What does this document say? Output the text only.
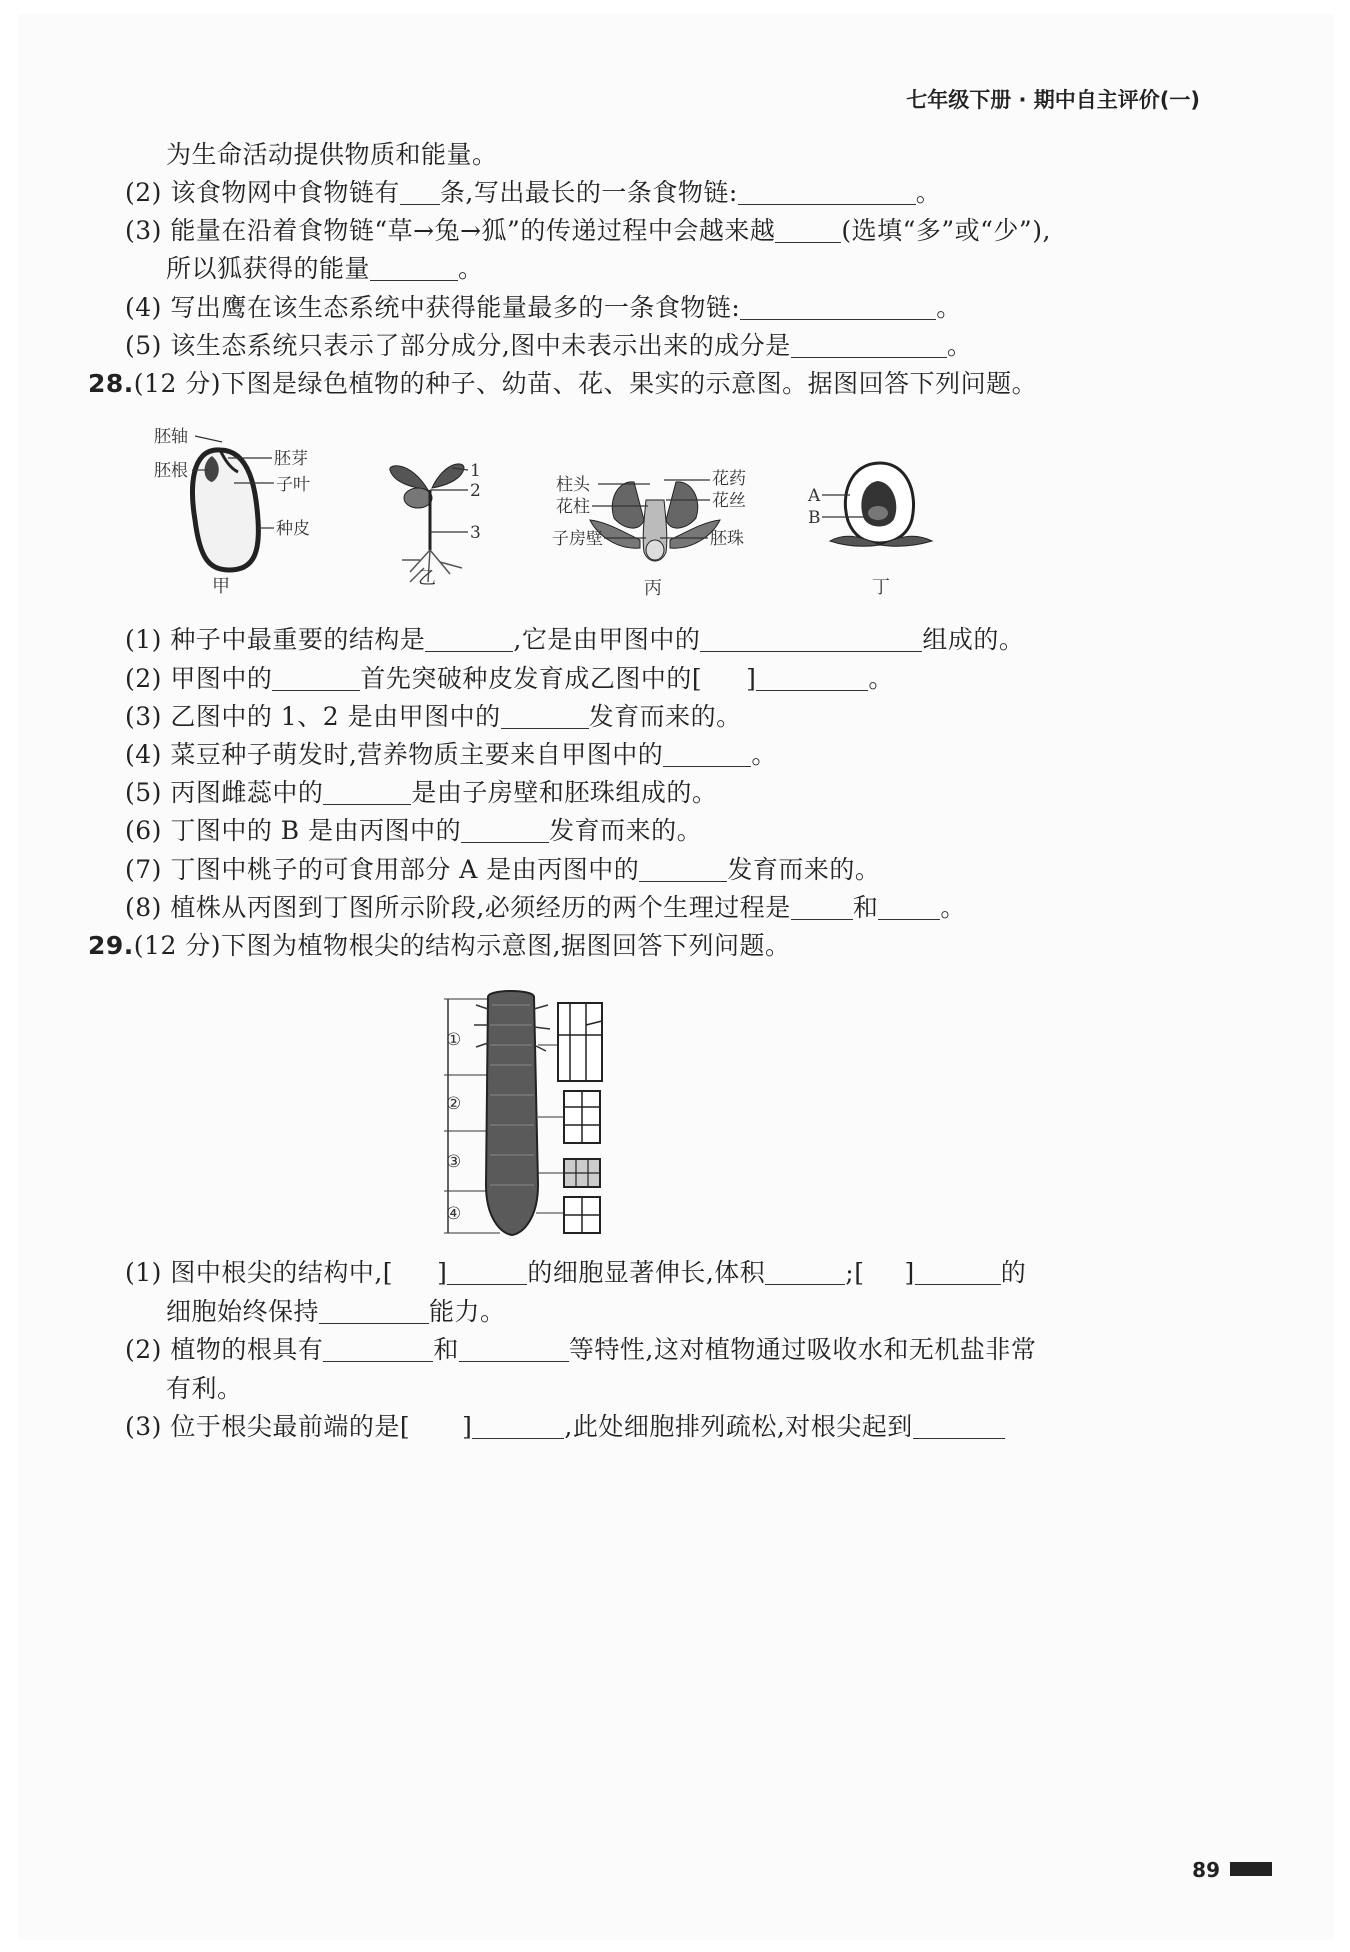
七年级下册 · 期中自主评价(一)
为生命活动提供物质和能量。
(2) 该食物网中食物链有 条,写出最长的一条食物链:	。
(3) 能量在沿着食物链“草→兔→狐”的传递过程中会越来越	(选填“多”或“少”),
所以狐获得的能量	。
(4) 写出鹰在该生态系统中获得能量最多的一条食物链:	。
(5) 该生态系统只表示了部分成分,图中未表示出来的成分是	。
28.(12 分)下图是绿色植物的种子、幼苗、花、果实的示意图。据图回答下列问题。
胚轴
胚根
胚芽
子叶
种皮
甲
1
2
3
乙
柱头
花柱
子房壁
花药
花丝
胚珠
丙
A
B
丁
(1) 种子中最重要的结构是	,它是由甲图中的	组成的。
(2) 甲图中的	首先突破种皮发育成乙图中的[ ]	。
(3) 乙图中的 1、2 是由甲图中的	发育而来的。
(4) 菜豆种子萌发时,营养物质主要来自甲图中的	。
(5) 丙图雌蕊中的	是由子房壁和胚珠组成的。
(6) 丁图中的 B 是由丙图中的	发育而来的。
(7) 丁图中桃子的可食用部分 A 是由丙图中的	发育而来的。
(8) 植株从丙图到丁图所示阶段,必须经历的两个生理过程是 和 。
29.(12 分)下图为植物根尖的结构示意图,据图回答下列问题。
①
②
③
④
(1) 图中根尖的结构中,[ ]	的细胞显著伸长,体积	;[ ]	的
细胞始终保持	能力。
(2) 植物的根具有	和	等特性,这对植物通过吸收水和无机盐非常
有利。
(3) 位于根尖最前端的是[ ]	,此处细胞排列疏松,对根尖起到
89
